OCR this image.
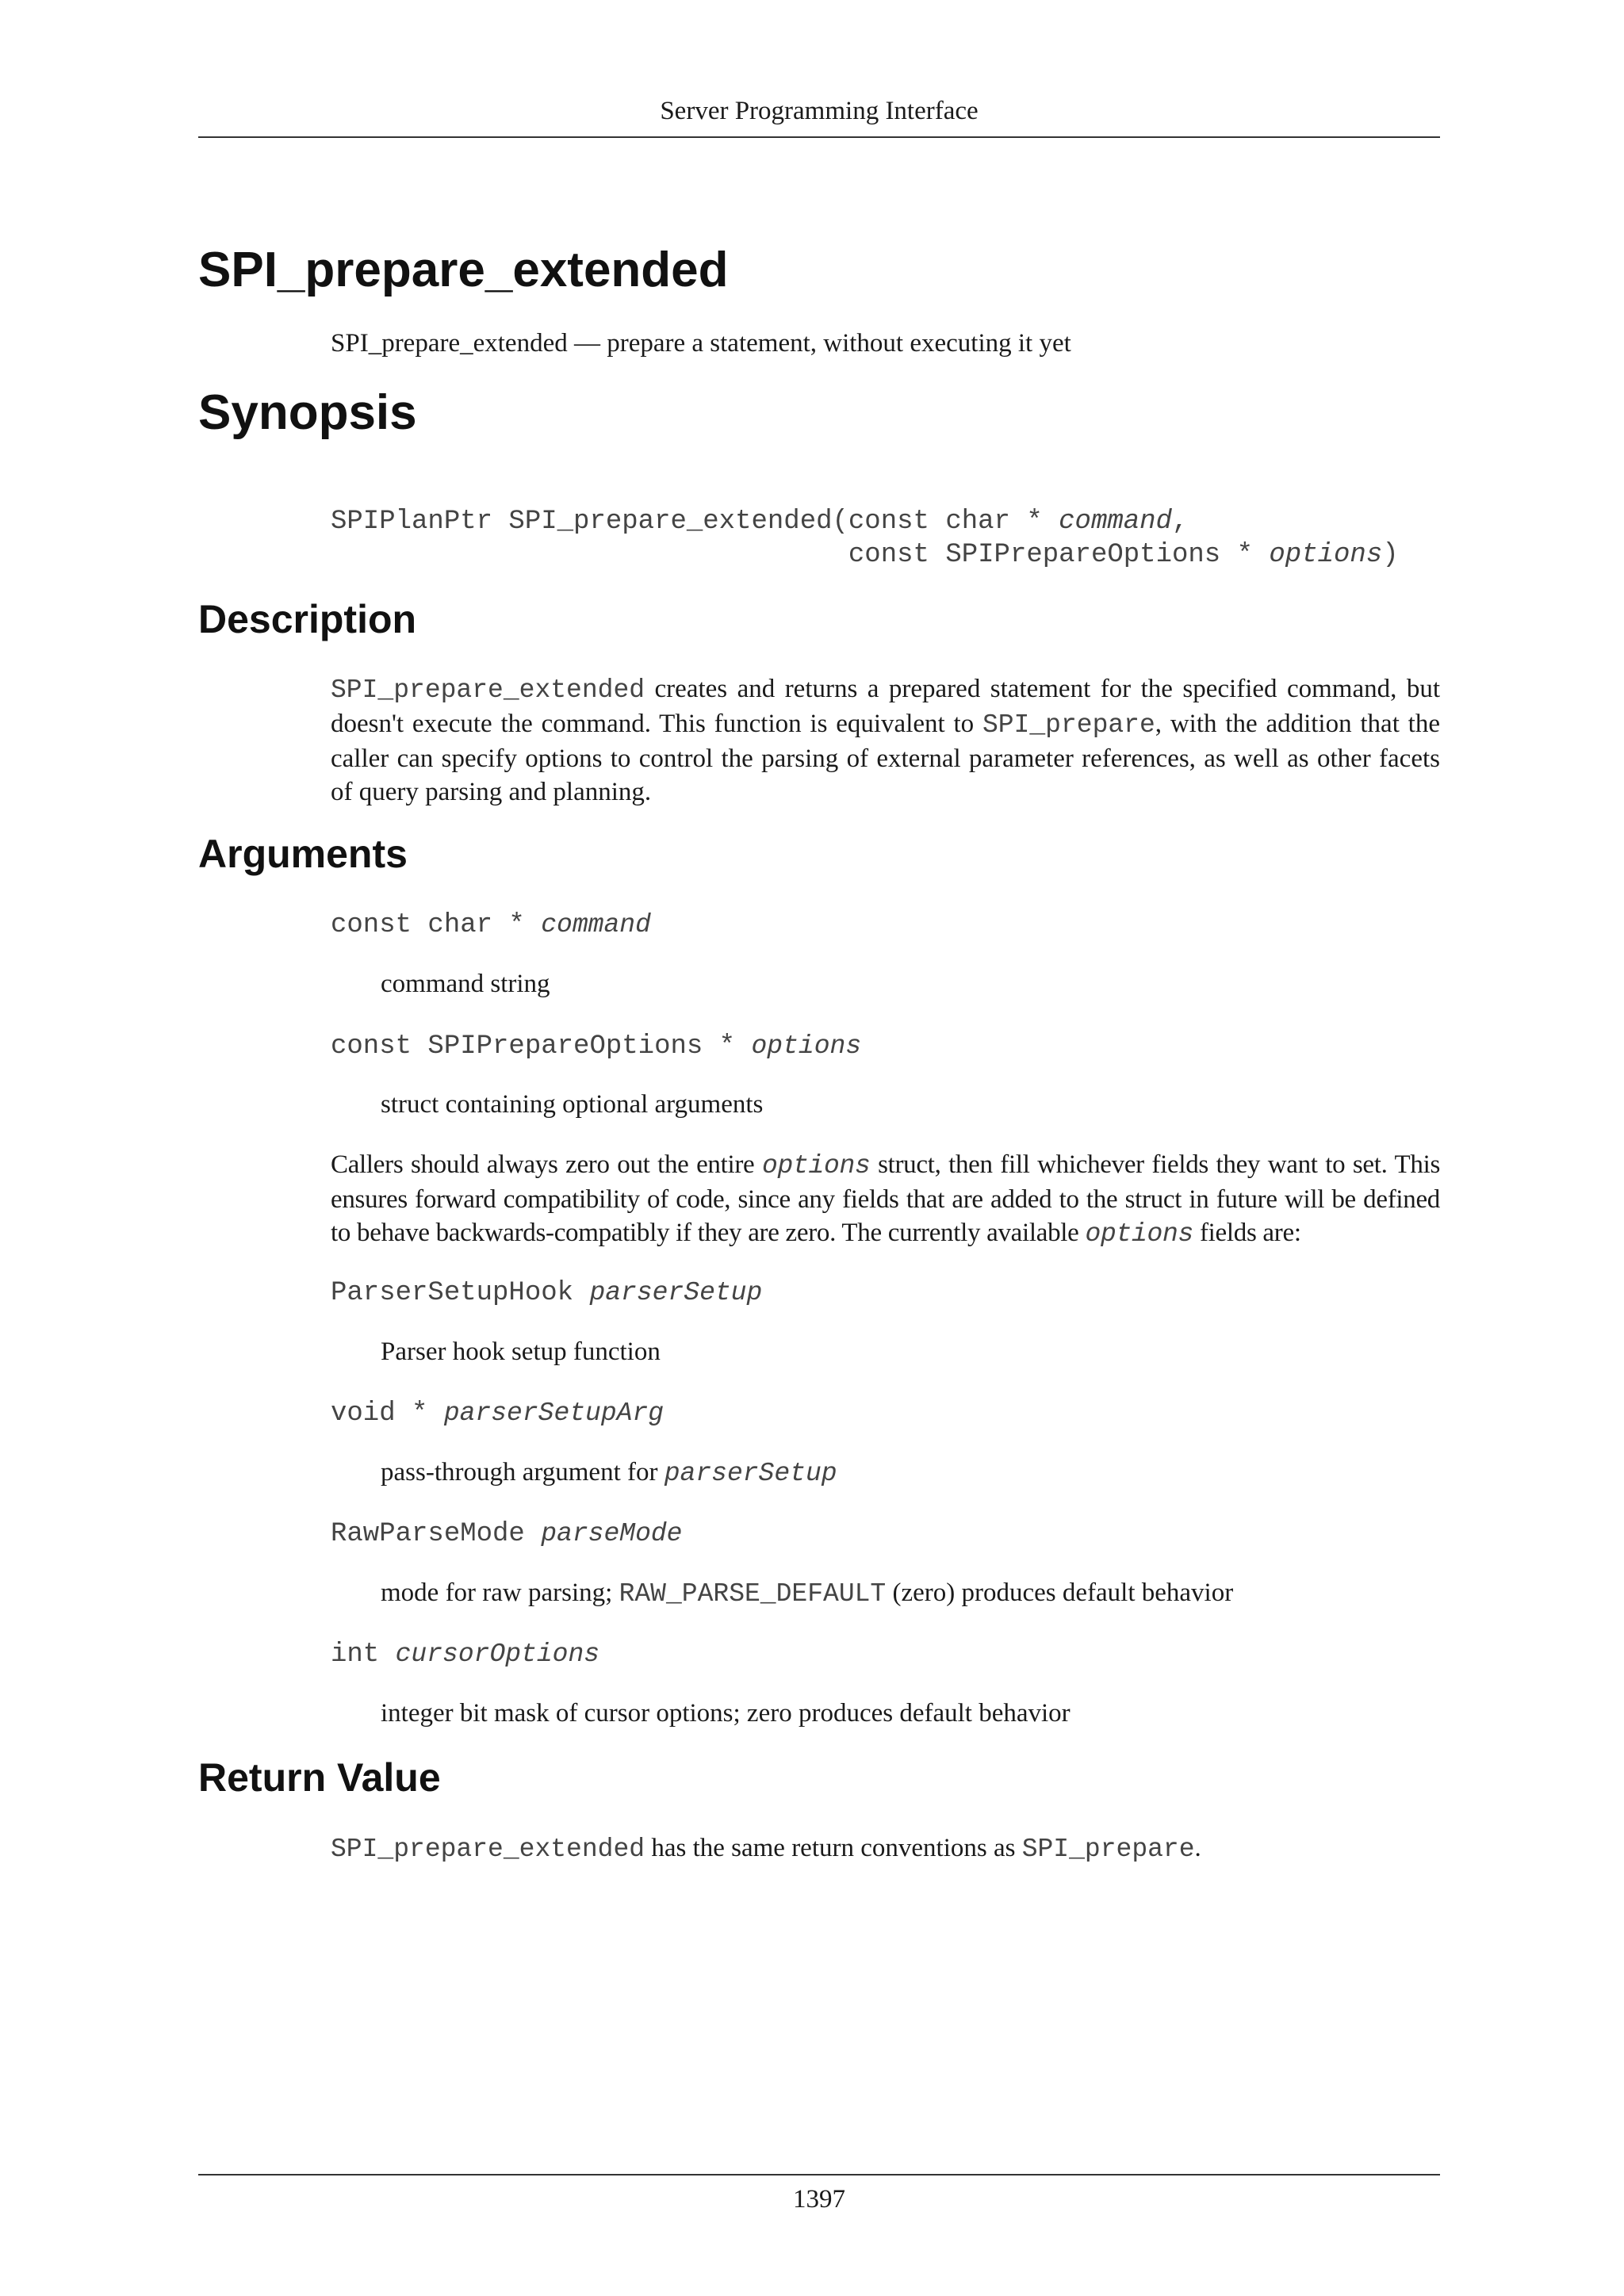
Server Programming Interface
SPI_prepare_extended
SPI_prepare_extended — prepare a statement, without executing it yet
Synopsis
SPIPlanPtr SPI_prepare_extended(const char * command,
const SPIPrepareOptions * options)
Description
SPI_prepare_extended creates and returns a prepared statement for the specified command, but doesn't execute the command. This function is equivalent to SPI_prepare, with the addition that the caller can specify options to control the parsing of external parameter references, as well as other facets of query parsing and planning.
Arguments
const char * command
command string
const SPIPrepareOptions * options
struct containing optional arguments
Callers should always zero out the entire options struct, then fill whichever fields they want to set. This ensures forward compatibility of code, since any fields that are added to the struct in future will be defined to behave backwards-compatibly if they are zero. The currently available options fields are:
ParserSetupHook parserSetup
Parser hook setup function
void * parserSetupArg
pass-through argument for parserSetup
RawParseMode parseMode
mode for raw parsing; RAW_PARSE_DEFAULT (zero) produces default behavior
int cursorOptions
integer bit mask of cursor options; zero produces default behavior
Return Value
SPI_prepare_extended has the same return conventions as SPI_prepare.
1397
